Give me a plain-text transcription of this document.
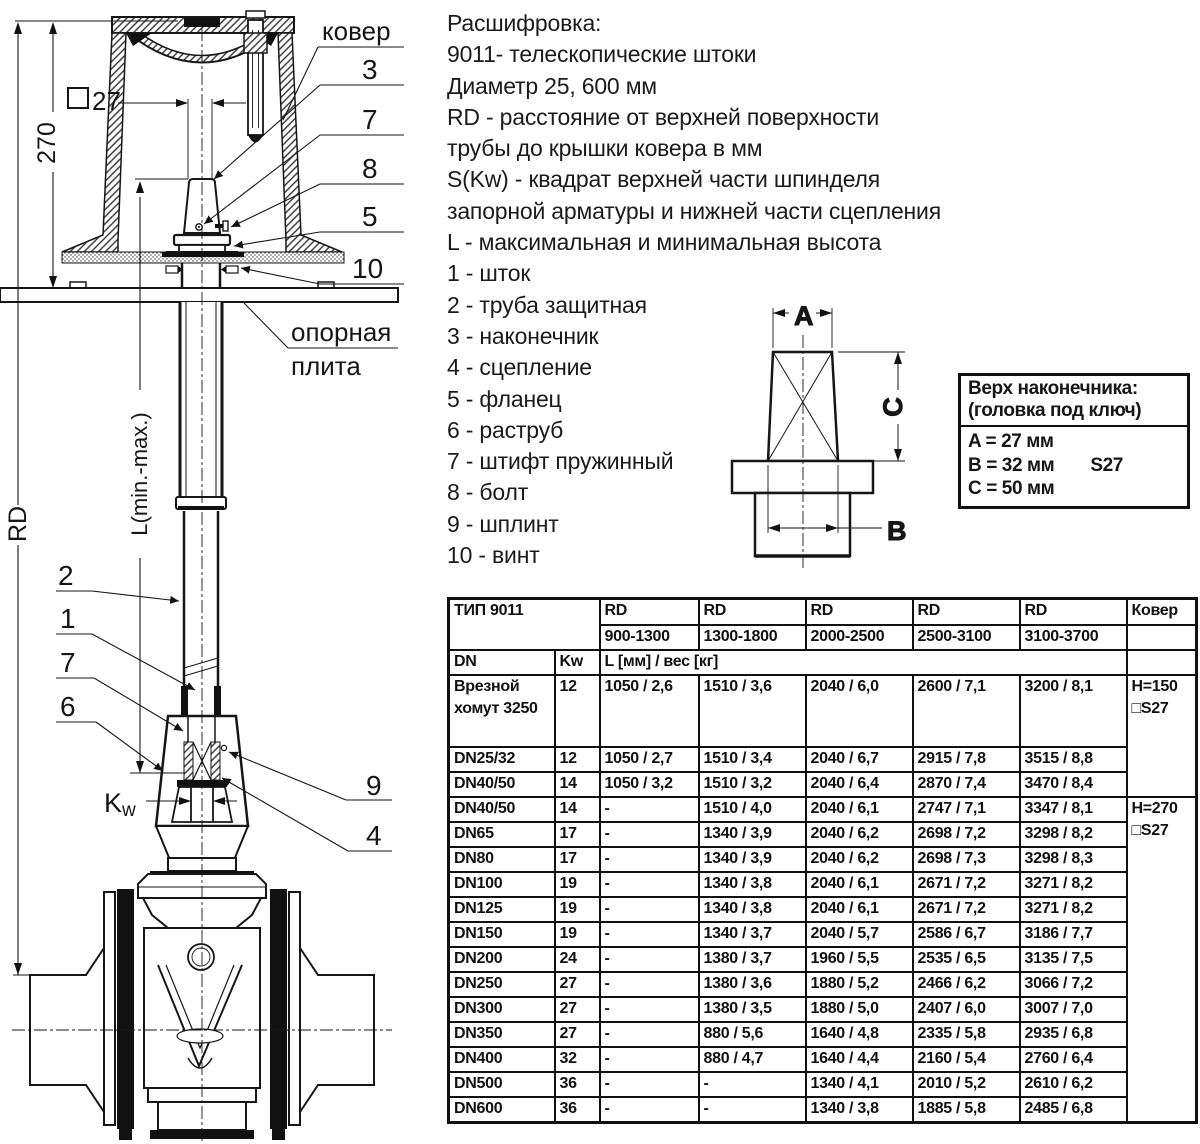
ковер
3
7
8
5
10
опорная
плита
2
1
7
6
9
4
Kw
27
270
RD	L(min.-max.)
A
B
C
Расшифровка:
9011- телескопические штоки
Диаметр 25, 600 мм
RD - расстояние от верхней поверхности
трубы до крышки ковера в мм
S(Kw) - квадрат верхней части шпинделя
запорной арматуры и нижней части сцепления
L - максимальная и минимальная высота
1 - шток
2 - труба защитная
3 - наконечник
4 - сцепление
5 - фланец
6 - раструб
7 - штифт пружинный
8 - болт
9 - шплинт
10 - винт
Верх наконечника:
(головка под ключ)
A = 27 мм
B = 32 мм S27
C = 50 мм
ТИП 9011		RD	RD	RD	RD	RD	Ковер
		900-1300	1300-1800	2000-2500	2500-3100	3100-3700	
DN	Kw	L [мм] / вес [кг]					
Врезной хомут 3250	12	1050 / 2,6	1510 / 3,6	2040 / 6,0	2600 / 7,1	3200 / 8,1	H=150
□S27

DN25/32	12	1050 / 2,7	1510 / 3,4	2040 / 6,7	2915 / 7,8	3515 / 8,8	
DN40/50	14	1050 / 3,2	1510 / 3,2	2040 / 6,4	2870 / 7,4	3470 / 8,4	
DN40/50	14	-	1510 / 4,0	2040 / 6,1	2747 / 7,1	3347 / 8,1	H=270
□S27

DN65	17	-	1340 / 3,9	2040 / 6,2	2698 / 7,2	3298 / 8,2	
DN80	17	-	1340 / 3,9	2040 / 6,2	2698 / 7,3	3298 / 8,3	
DN100	19	-	1340 / 3,8	2040 / 6,1	2671 / 7,2	3271 / 8,2	
DN125	19	-	1340 / 3,8	2040 / 6,1	2671 / 7,2	3271 / 8,2	
DN150	19	-	1340 / 3,7	2040 / 5,7	2586 / 6,7	3186 / 7,7	
DN200	24	-	1380 / 3,7	1960 / 5,5	2535 / 6,5	3135 / 7,5	
DN250	27	-	1380 / 3,6	1880 / 5,2	2466 / 6,2	3066 / 7,2	
DN300	27	-	1380 / 3,5	1880 / 5,0	2407 / 6,0	3007 / 7,0	
DN350	27	-	880 / 5,6	1640 / 4,8	2335 / 5,8	2935 / 6,8	
DN400	32	-	880 / 4,7	1640 / 4,4	2160 / 5,4	2760 / 6,4	
DN500	36	-	-	1340 / 4,1	2010 / 5,2	2610 / 6,2	
DN600	36	-	-	1340 / 3,8	1885 / 5,8	2485 / 6,8	
